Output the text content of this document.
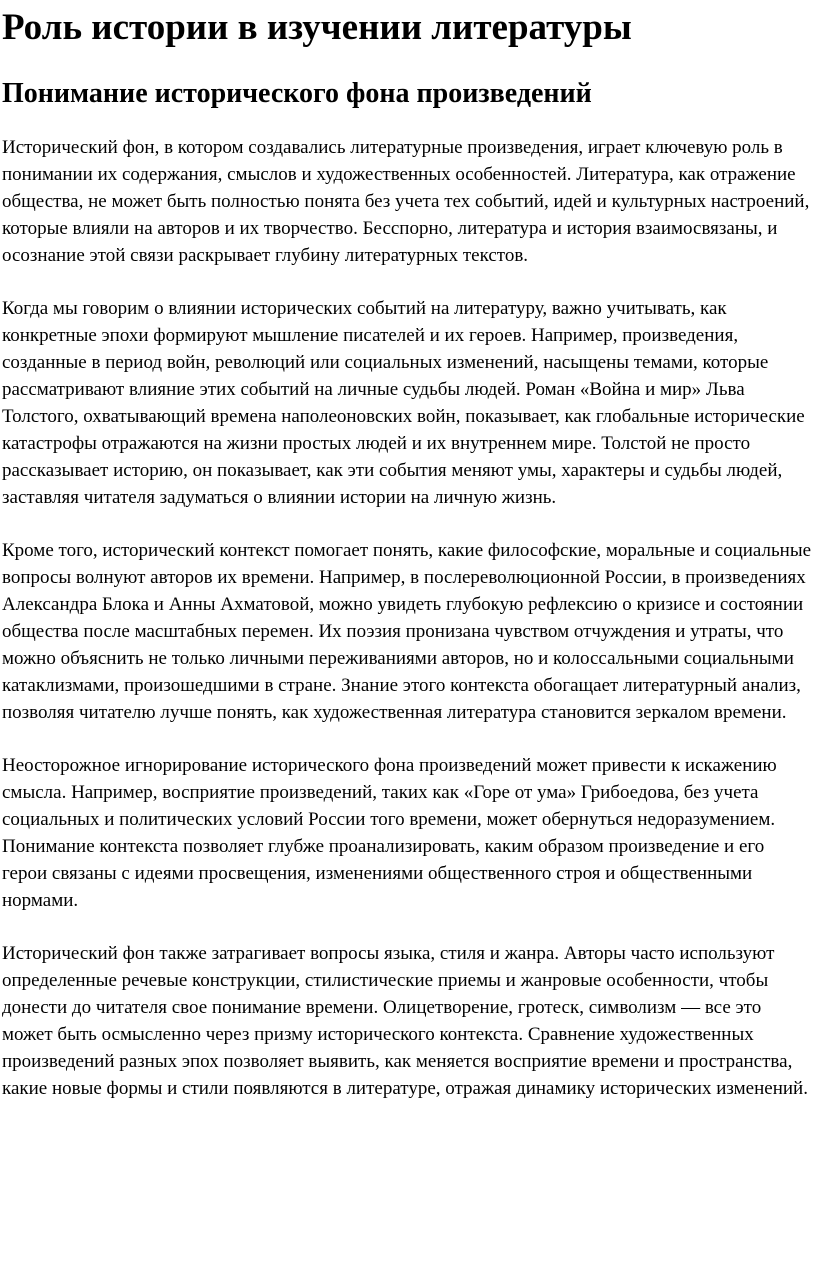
Роль истории в изучении литературы
Понимание исторического фона произведений

Исторический фон, в котором создавались литературные произведения, играет ключевую роль в понимании их содержания, смыслов и художественных особенностей. Литература, как отражение общества, не может быть полностью понята без учета тех событий, идей и культурных настроений, которые влияли на авторов и их творчество. Бесспорно, литература и история взаимосвязаны, и осознание этой связи раскрывает глубину литературных текстов.

Когда мы говорим о влиянии исторических событий на литературу, важно учитывать, как конкретные эпохи формируют мышление писателей и их героев. Например, произведения, созданные в период войн, революций или социальных изменений, насыщены темами, которые рассматривают влияние этих событий на личные судьбы людей. Роман «Война и мир» Льва Толстого, охватывающий времена наполеоновских войн, показывает, как глобальные исторические катастрофы отражаются на жизни простых людей и их внутреннем мире. Толстой не просто рассказывает историю, он показывает, как эти события меняют умы, характеры и судьбы людей, заставляя читателя задуматься о влиянии истории на личную жизнь.

Кроме того, исторический контекст помогает понять, какие философские, моральные и социальные вопросы волнуют авторов их времени. Например, в послереволюционной России, в произведениях Александра Блока и Анны Ахматовой, можно увидеть глубокую рефлексию о кризисе и состоянии общества после масштабных перемен. Их поэзия пронизана чувством отчуждения и утраты, что можно объяснить не только личными переживаниями авторов, но и колоссальными социальными катаклизмами, произошедшими в стране. Знание этого контекста обогащает литературный анализ, позволяя читателю лучше понять, как художественная литература становится зеркалом времени.

Неосторожное игнорирование исторического фона произведений может привести к искажению смысла. Например, восприятие произведений, таких как «Горе от ума» Грибоедова, без учета социальных и политических условий России того времени, может обернуться недоразумением. Понимание контекста позволяет глубже проанализировать, каким образом произведение и его герои связаны с идеями просвещения, изменениями общественного строя и общественными нормами.

Исторический фон также затрагивает вопросы языка, стиля и жанра. Авторы часто используют определенные речевые конструкции, стилистические приемы и жанровые особенности, чтобы донести до читателя свое понимание времени. Олицетворение, гротеск, символизм — все это может быть осмысленно через призму исторического контекста. Сравнение художественных произведений разных эпох позволяет выявить, как меняется восприятие времени и пространства, какие новые формы и стили появляются в литературе, отражая динамику исторических изменений.
